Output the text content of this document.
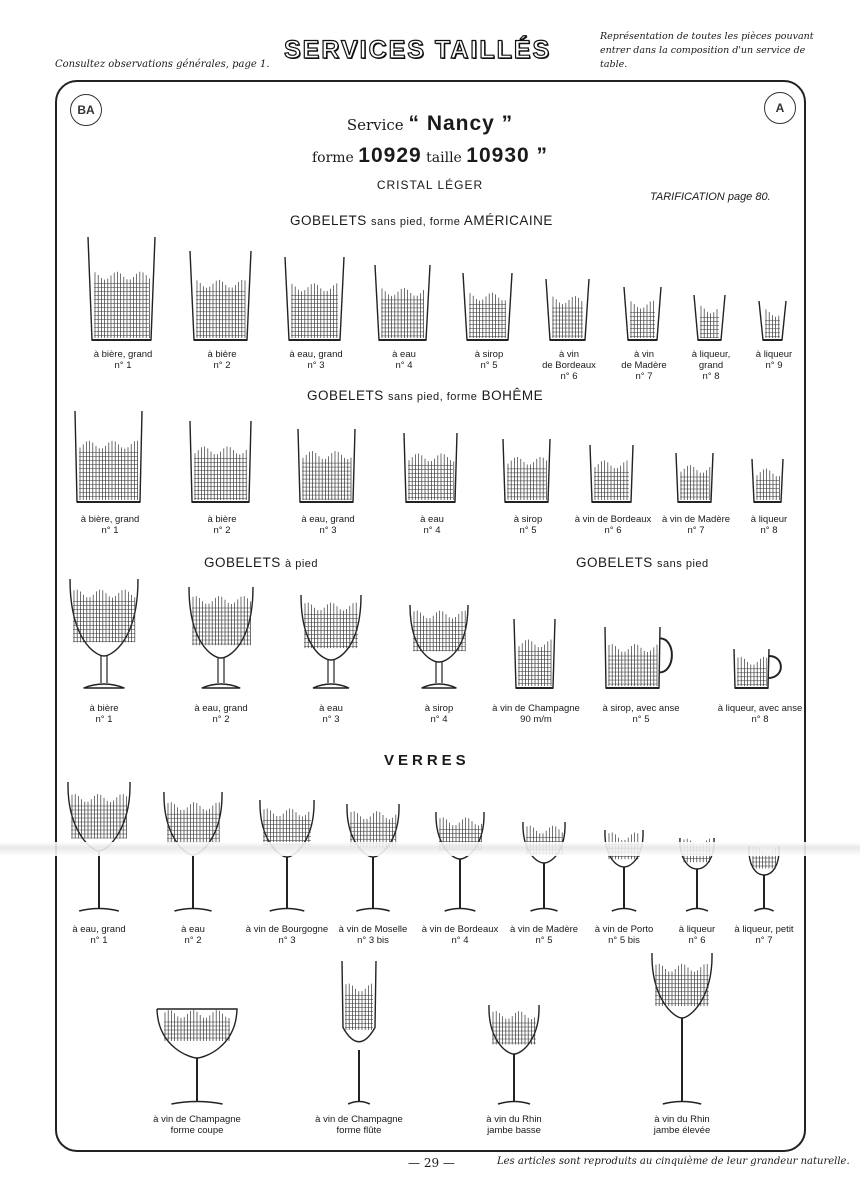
Consultez observations générales, page 1.
SERVICES TAILLÉS	Représentation de toutes les pièces pouvant entrer dans la composition d'un service de table.
BA	A
Service “ Nancy ”
forme 10929 taille 10930 ”
CRISTAL LÉGER
TARIFICATION page 80.
GOBELETS sans pied, forme AMÉRICAINE
GOBELETS sans pied, forme BOHÊME
GOBELETS à pied	GOBELETS sans pied
VERRES
à bière, grand
n° 1
à bière
n° 2
à eau, grand
n° 3
à eau
n° 4
à sirop
n° 5
à vin
de Bordeaux
n° 6
à vin
de Madère
n° 7
à liqueur,
grand
n° 8
à liqueur
n° 9
à bière, grand
n° 1
à bière
n° 2
à eau, grand
n° 3
à eau
n° 4
à sirop
n° 5
à vin de Bordeaux
n° 6
à vin de Madère
n° 7
à liqueur
n° 8
à bière
n° 1
à eau, grand
n° 2
à eau
n° 3
à sirop
n° 4
à vin de Champagne
90 m/m
à sirop, avec anse
n° 5
à liqueur, avec anse
n° 8
à eau, grand
n° 1
à eau
n° 2
à vin de Bourgogne
n° 3
à vin de Moselle
n° 3 bis
à vin de Bordeaux
n° 4
à vin de Madère
n° 5
à vin de Porto
n° 5 bis
à liqueur
n° 6
à liqueur, petit
n° 7
à vin de Champagne
forme coupe
à vin de Champagne
forme flûte
à vin du Rhin
jambe basse
à vin du Rhin
jambe élevée
— 29 —	Les articles sont reproduits au cinquième de leur grandeur naturelle.
